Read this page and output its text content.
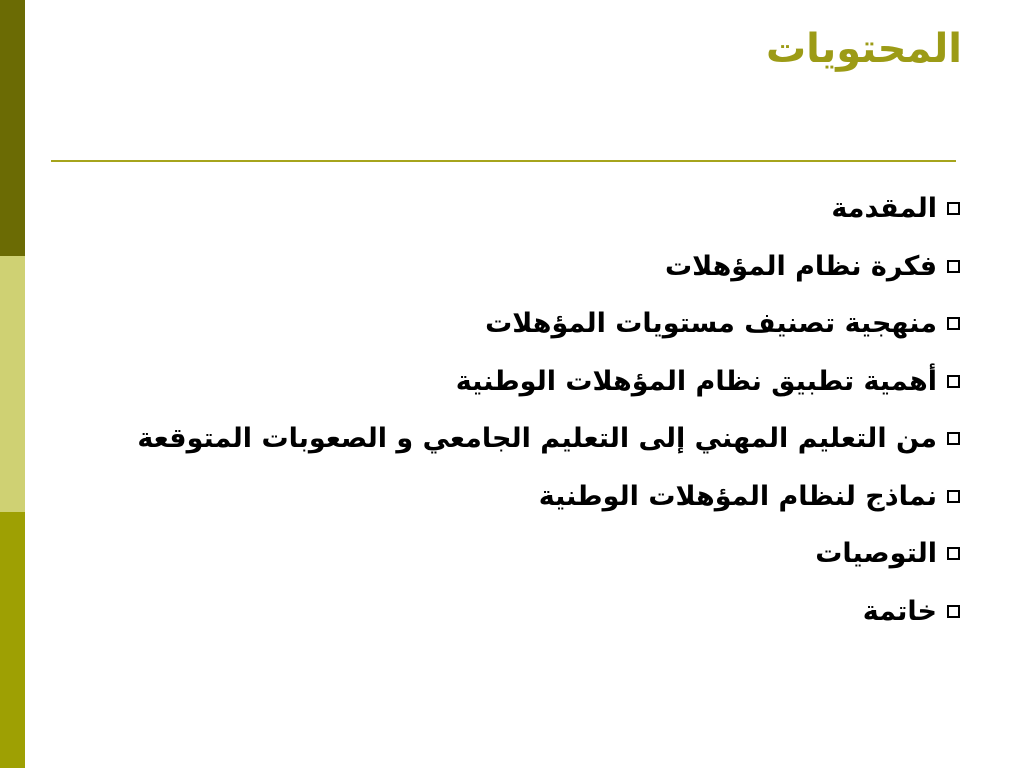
المحتويات
المقدمة
فكرة نظام المؤهلات
منهجية تصنيف مستويات المؤهلات
أهمية تطبيق نظام المؤهلات الوطنية
من التعليم المهني إلى التعليم الجامعي و الصعوبات المتوقعة
نماذج لنظام المؤهلات الوطنية
التوصيات
خاتمة
